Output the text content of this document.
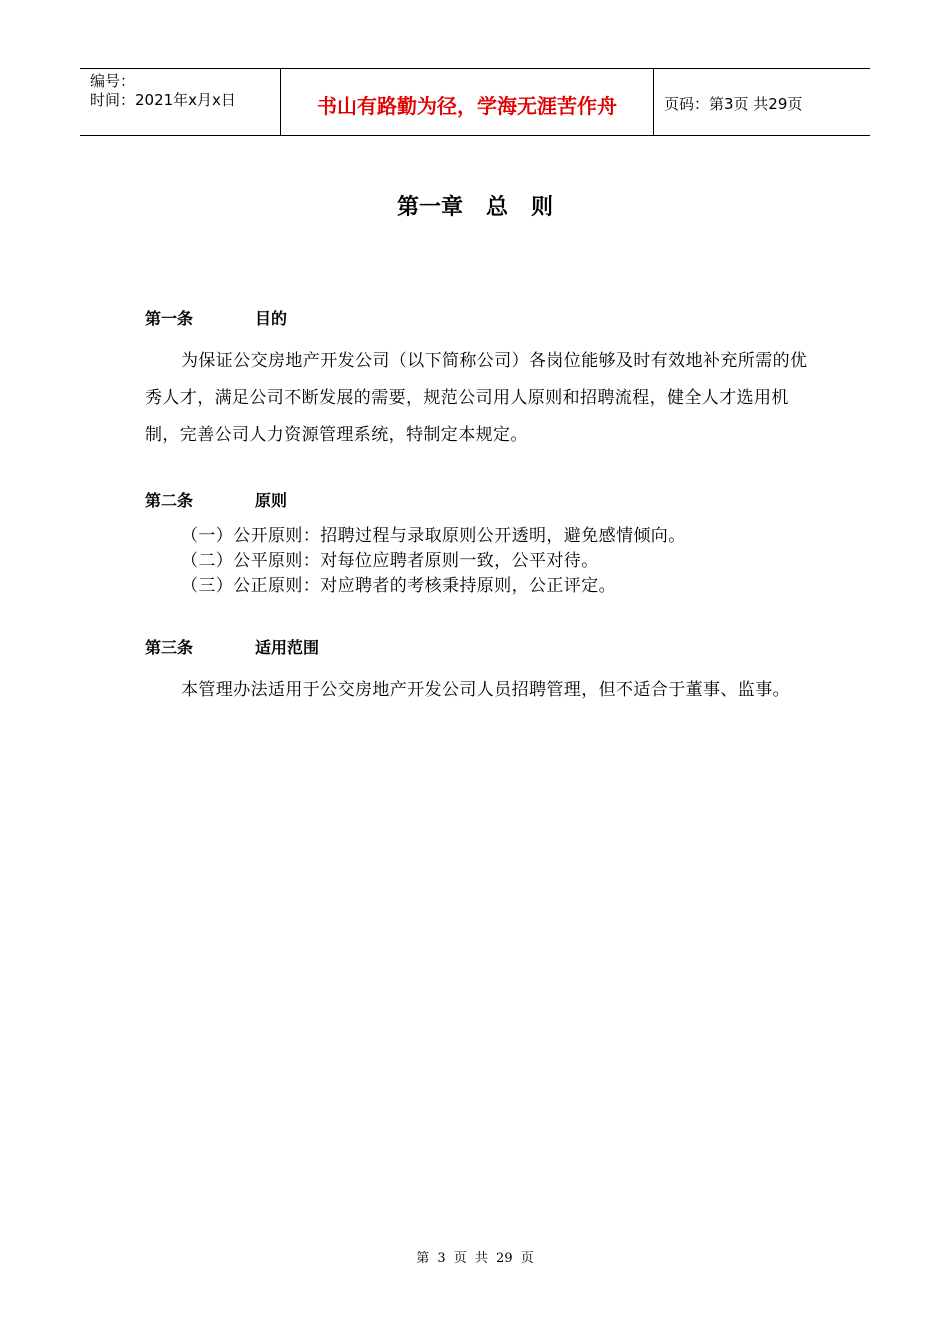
编号：
时间：2021年x月x日	书山有路勤为径，学海无涯苦作舟	页码：第3页 共29页
第一章   总   则
第一条	目的

为保证公交房地产开发公司（以下简称公司）各岗位能够及时有效地补充所需的优秀人才，满足公司不断发展的需要，规范公司用人原则和招聘流程，健全人才选用机制，完善公司人力资源管理系统，特制定本规定。

第二条	原则

（一）公开原则：招聘过程与录取原则公开透明，避免感情倾向。

（二）公平原则：对每位应聘者原则一致，公平对待。

（三）公正原则：对应聘者的考核秉持原则，公正评定。

第三条	适用范围

本管理办法适用于公交房地产开发公司人员招聘管理，但不适合于董事、监事。

第 3 页 共 29 页
